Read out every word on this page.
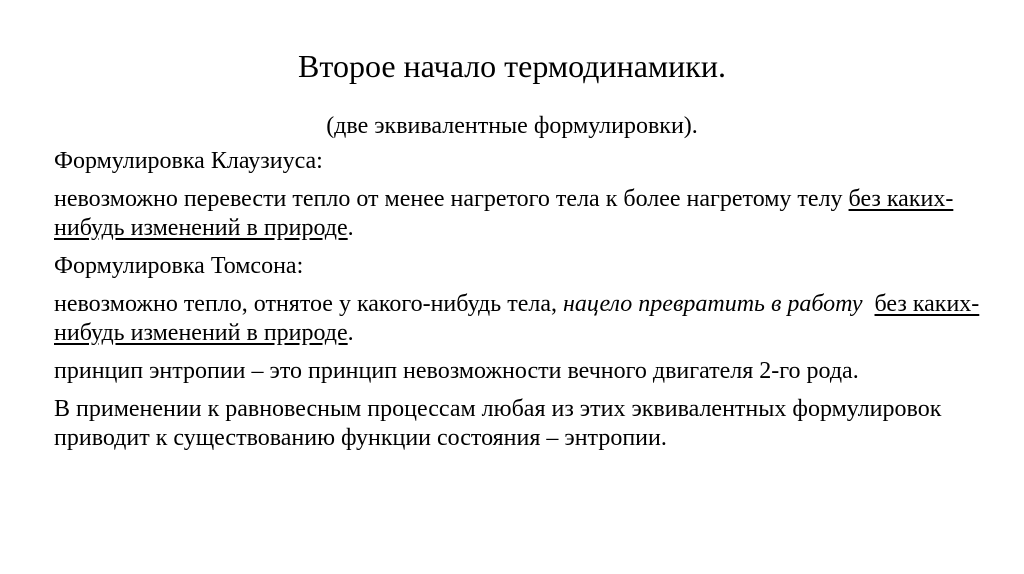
Второе начало термодинамики.
(две эквивалентные формулировки).
Формулировка Клаузиуса:
невозможно перевести тепло от менее нагретого тела к более нагретому телу без каких-нибудь изменений в природе.
Формулировка Томсона:
невозможно тепло, отнятое у какого-нибудь тела, нацело превратить в работу без каких-нибудь изменений в природе.
принцип энтропии – это принцип невозможности вечного двигателя 2-го рода.
В применении к равновесным процессам любая из этих эквивалентных формулировок приводит к существованию функции состояния – энтропии.
